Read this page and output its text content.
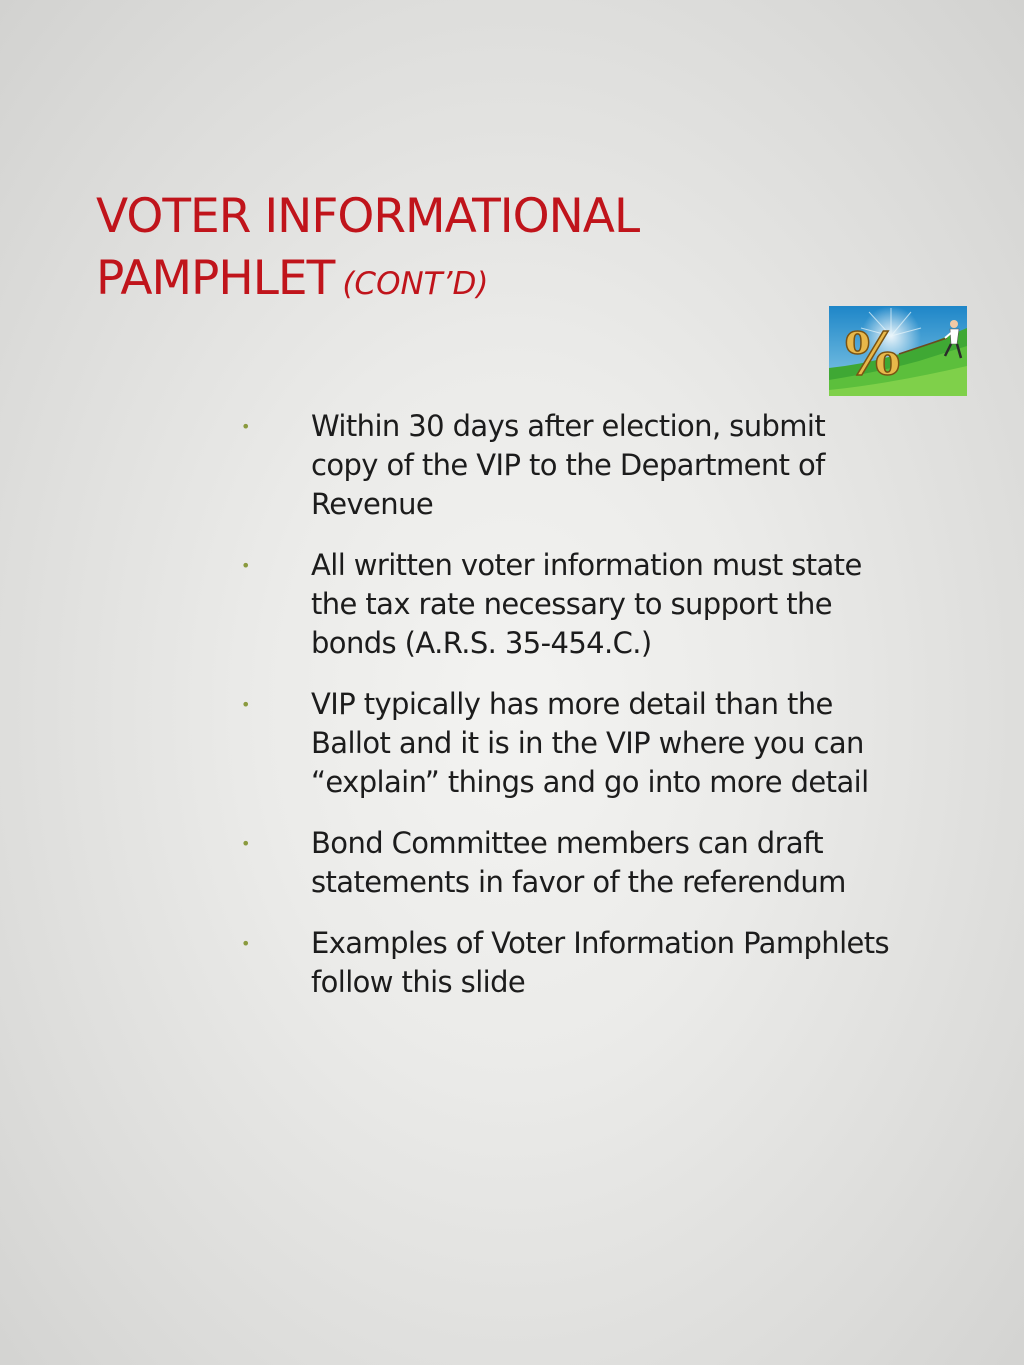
VOTER INFORMATIONAL
PAMPHLET (CONT’D)
%
• Within 30 days after election, submit copy of the VIP to the Department of Revenue
• All written voter information must state the tax rate necessary to support the bonds (A.R.S. 35-454.C.)
• VIP typically has more detail than the Ballot and it is in the VIP where you can “explain” things and go into more detail
• Bond Committee members can draft statements in favor of the referendum
• Examples of Voter Information Pamphlets follow this slide
